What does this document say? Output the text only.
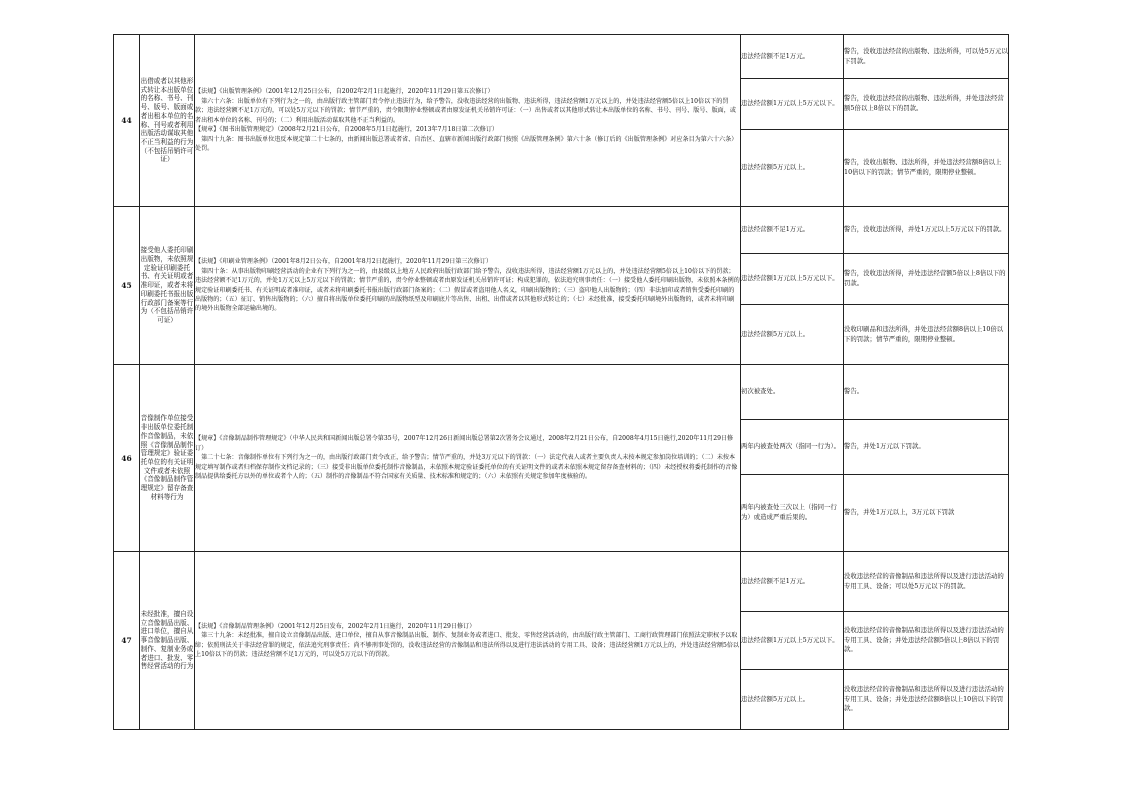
44	出借或者以其他形式转让本出版单位的名称、书号、刊号、版号、版面或者出租本单位的名称、刊号或者利用出版活动谋取其他不正当利益的行为（不包括吊销许可证）	【法规】《出版管理条例》（2001年12月25日公布，自2002年2月1日起施行，2020年11月29日第五次修订）
　第六十六条：出版单位有下列行为之一的，由出版行政主管部门责令停止违法行为，给予警告，没收违法经营的出版物、违法所得，违法经营额1万元以上的，并处违法经营额5倍以上10倍以下的罚款；违法经营额不足1万元的，可以处5万元以下的罚款；情节严重的，责令限期停业整顿或者由原发证机关吊销许可证：（一）出售或者以其他形式转让本出版单位的名称、书号、刊号、版号、版面，或者出租本单位的名称、刊号的；（二）利用出版活动谋取其他不正当利益的。
【规章】《图书出版管理规定》（2008年2月21日公布，自2008年5月1日起施行，2013年7月18日第二次修订）
　第四十九条：图书出版单位违反本规定第二十七条的，由新闻出版总署或者省、自治区、直辖市新闻出版行政部门按照《出版管理条例》第六十条（修订后的《出版管理条例》对应条目为第六十六条）处罚。	违法经营额不足1万元。	警告，没收违法经营的出版物、违法所得，可以处5万元以下罚款。
			违法经营额1万元以上5万元以下。	警告，没收违法经营的出版物、违法所得，并处违法经营额5倍以上8倍以下的罚款。
			违法经营额5万元以上。	警告，没收出版物、违法所得，并处违法经营额8倍以上10倍以下的罚款；情节严重的，限期停业整顿。
45	接受他人委托印刷出版物，未依照规定验证印刷委托书、有关证明或者准印证，或者未将印刷委托书报出版行政部门备案等行为（不包括吊销许可证）	【法规】《印刷业管理条例》（2001年8月2日公布，自2001年8月2日起施行，2020年11月29日第三次修订）
　第四十条：从事出版物印刷经营活动的企业有下列行为之一的，由县级以上地方人民政府出版行政部门给予警告，没收违法所得，违法经营额1万元以上的，并处违法经营额5倍以上10倍以下的罚款；违法经营额不足1万元的，并处1万元以上5万元以下的罚款；情节严重的，责令停业整顿或者由原发证机关吊销许可证；构成犯罪的，依法追究刑事责任：（一）接受他人委托印刷出版物，未依照本条例的规定验证印刷委托书、有关证明或者准印证，或者未将印刷委托书报出版行政部门备案的；（二）假冒或者盗用他人名义，印刷出版物的；（三）盗印他人出版物的；（四）非法加印或者销售受委托印刷的出版物的；（五）征订、销售出版物的；（六）擅自将出版单位委托印刷的出版物纸型及印刷底片等出售、出租、出借或者以其他形式转让的；（七）未经批准，接受委托印刷境外出版物的，或者未将印刷的境外出版物全部运输出境的。	违法经营额不足1万元。	警告，没收违法所得，并处1万元以上5万元以下的罚款。
			违法经营额1万元以上5万元以下。	警告，没收违法所得，并处违法经营额5倍以上8倍以下的罚款。
			违法经营额5万元以上。	没收印刷品和违法所得，并处违法经营额8倍以上10倍以下的罚款；情节严重的，限期停业整顿。
46	音像制作单位接受非出版单位委托制作音像制品，未依照《音像制品制作管理规定》验证委托单位的有关证明文件或者未依照《音像制品制作管理规定》留存备查材料等行为	【规章】《音像制品制作管理规定》（中华人民共和国新闻出版总署令第35号，2007年12月26日新闻出版总署第2次署务会议通过，2008年2月21日公布，自2008年4月15日施行,2020年11月29日修订）
　第二十七条：音像制作单位有下列行为之一的，由出版行政部门责令改正，给予警告；情节严重的，并处3万元以下的罚款：（一）法定代表人或者主要负责人未按本规定参加岗位培训的；（二）未按本规定填写制作或者归档保存制作文档记录的；（三）接受非出版单位委托制作音像制品，未依照本规定验证委托单位的有关证明文件的或者未依照本规定留存备查材料的；（四）未经授权将委托制作的音像制品提供给委托方以外的单位或者个人的；（五）制作的音像制品不符合国家有关质量、技术标准和规定的；（六）未依照有关规定参加年度核验的。	初次被查处。	警告。
			两年内被查处两次（指同一行为）。	警告，并处1万元以下罚款。
			两年内被查处三次以上（指同一行为）或造成严重后果的。	警告，并处1万元以上，3万元以下罚款
47	未经批准，擅自设立音像制品出版、进口单位，擅自从事音像制品出版、制作、复制业务或者进口、批发、零售经营活动的行为	【法规】《音像制品管理条例》（2001年12月25日发布，2002年2月1日施行，2020年11月29日修订）
　第三十九条：未经批准，擅自设立音像制品出版、进口单位，擅自从事音像制品出版、制作、复制业务或者进口、批发、零售经营活动的，由出版行政主管部门、工商行政管理部门依照法定职权予以取缔；依照刑法关于非法经营罪的规定，依法追究刑事责任；尚不够刑事处罚的，没收违法经营的音像制品和违法所得以及进行违法活动的专用工具、设备；违法经营额1万元以上的，并处违法经营额5倍以上10倍以下的罚款；违法经营额不足1万元的，可以处5万元以下的罚款。	违法经营额不足1万元。	没收违法经营的音像制品和违法所得以及进行违法活动的专用工具、设备；可以处5万元以下的罚款。
			违法经营额1万元以上5万元以下。	没收违法经营的音像制品和违法所得以及进行违法活动的专用工具、设备；并处违法经营额5倍以上8倍以下的罚款。
			违法经营额5万元以上。	没收违法经营的音像制品和违法所得以及进行违法活动的专用工具、设备；并处违法经营额8倍以上10倍以下的罚款。
